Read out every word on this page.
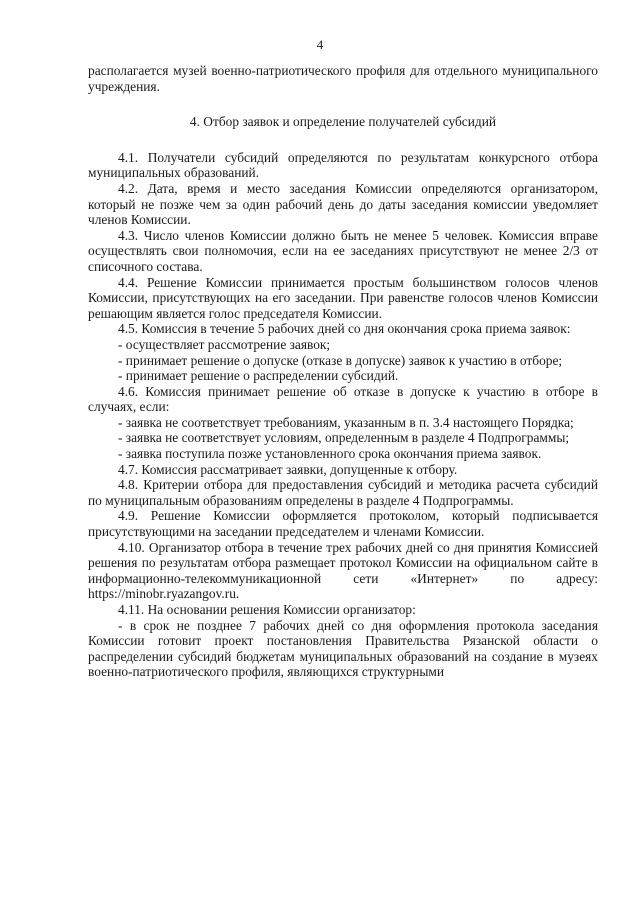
4

располагается музей военно-патриотического профиля для отдельного муниципального учреждения.

4. Отбор заявок и определение получателей субсидий

4.1. Получатели субсидий определяются по результатам конкурсного отбора муниципальных образований.

4.2. Дата, время и место заседания Комиссии определяются организатором, который не позже чем за один рабочий день до даты заседания комиссии уведомляет членов Комиссии.

4.3. Число членов Комиссии должно быть не менее 5 человек. Комиссия вправе осуществлять свои полномочия, если на ее заседаниях присутствуют не менее 2/3 от списочного состава.

4.4. Решение Комиссии принимается простым большинством голосов членов Комиссии, присутствующих на его заседании. При равенстве голосов членов Комиссии решающим является голос председателя Комиссии.

4.5. Комиссия в течение 5 рабочих дней со дня окончания срока приема заявок:

- осуществляет рассмотрение заявок;

- принимает решение о допуске (отказе в допуске) заявок к участию в отборе;

- принимает решение о распределении субсидий.

4.6. Комиссия принимает решение об отказе в допуске к участию в отборе в случаях, если:

- заявка не соответствует требованиям, указанным в п. 3.4 настоящего Порядка;

- заявка не соответствует условиям, определенным в разделе 4 Подпрограммы;

- заявка поступила позже установленного срока окончания приема заявок.

4.7. Комиссия рассматривает заявки, допущенные к отбору.

4.8. Критерии отбора для предоставления субсидий и методика расчета субсидий по муниципальным образованиям определены в разделе 4 Подпрограммы.

4.9. Решение Комиссии оформляется протоколом, который подписывается присутствующими на заседании председателем и членами Комиссии.

4.10. Организатор отбора в течение трех рабочих дней со дня принятия Комиссией решения по результатам отбора размещает протокол Комиссии на официальном сайте в информационно-телекоммуникационной сети «Интернет» по адресу: https://minobr.ryazangov.ru.

4.11. На основании решения Комиссии организатор:

- в срок не позднее 7 рабочих дней со дня оформления протокола заседания Комиссии готовит проект постановления Правительства Рязанской области о распределении субсидий бюджетам муниципальных образований на создание в музеях военно-патриотического профиля, являющихся структурными
